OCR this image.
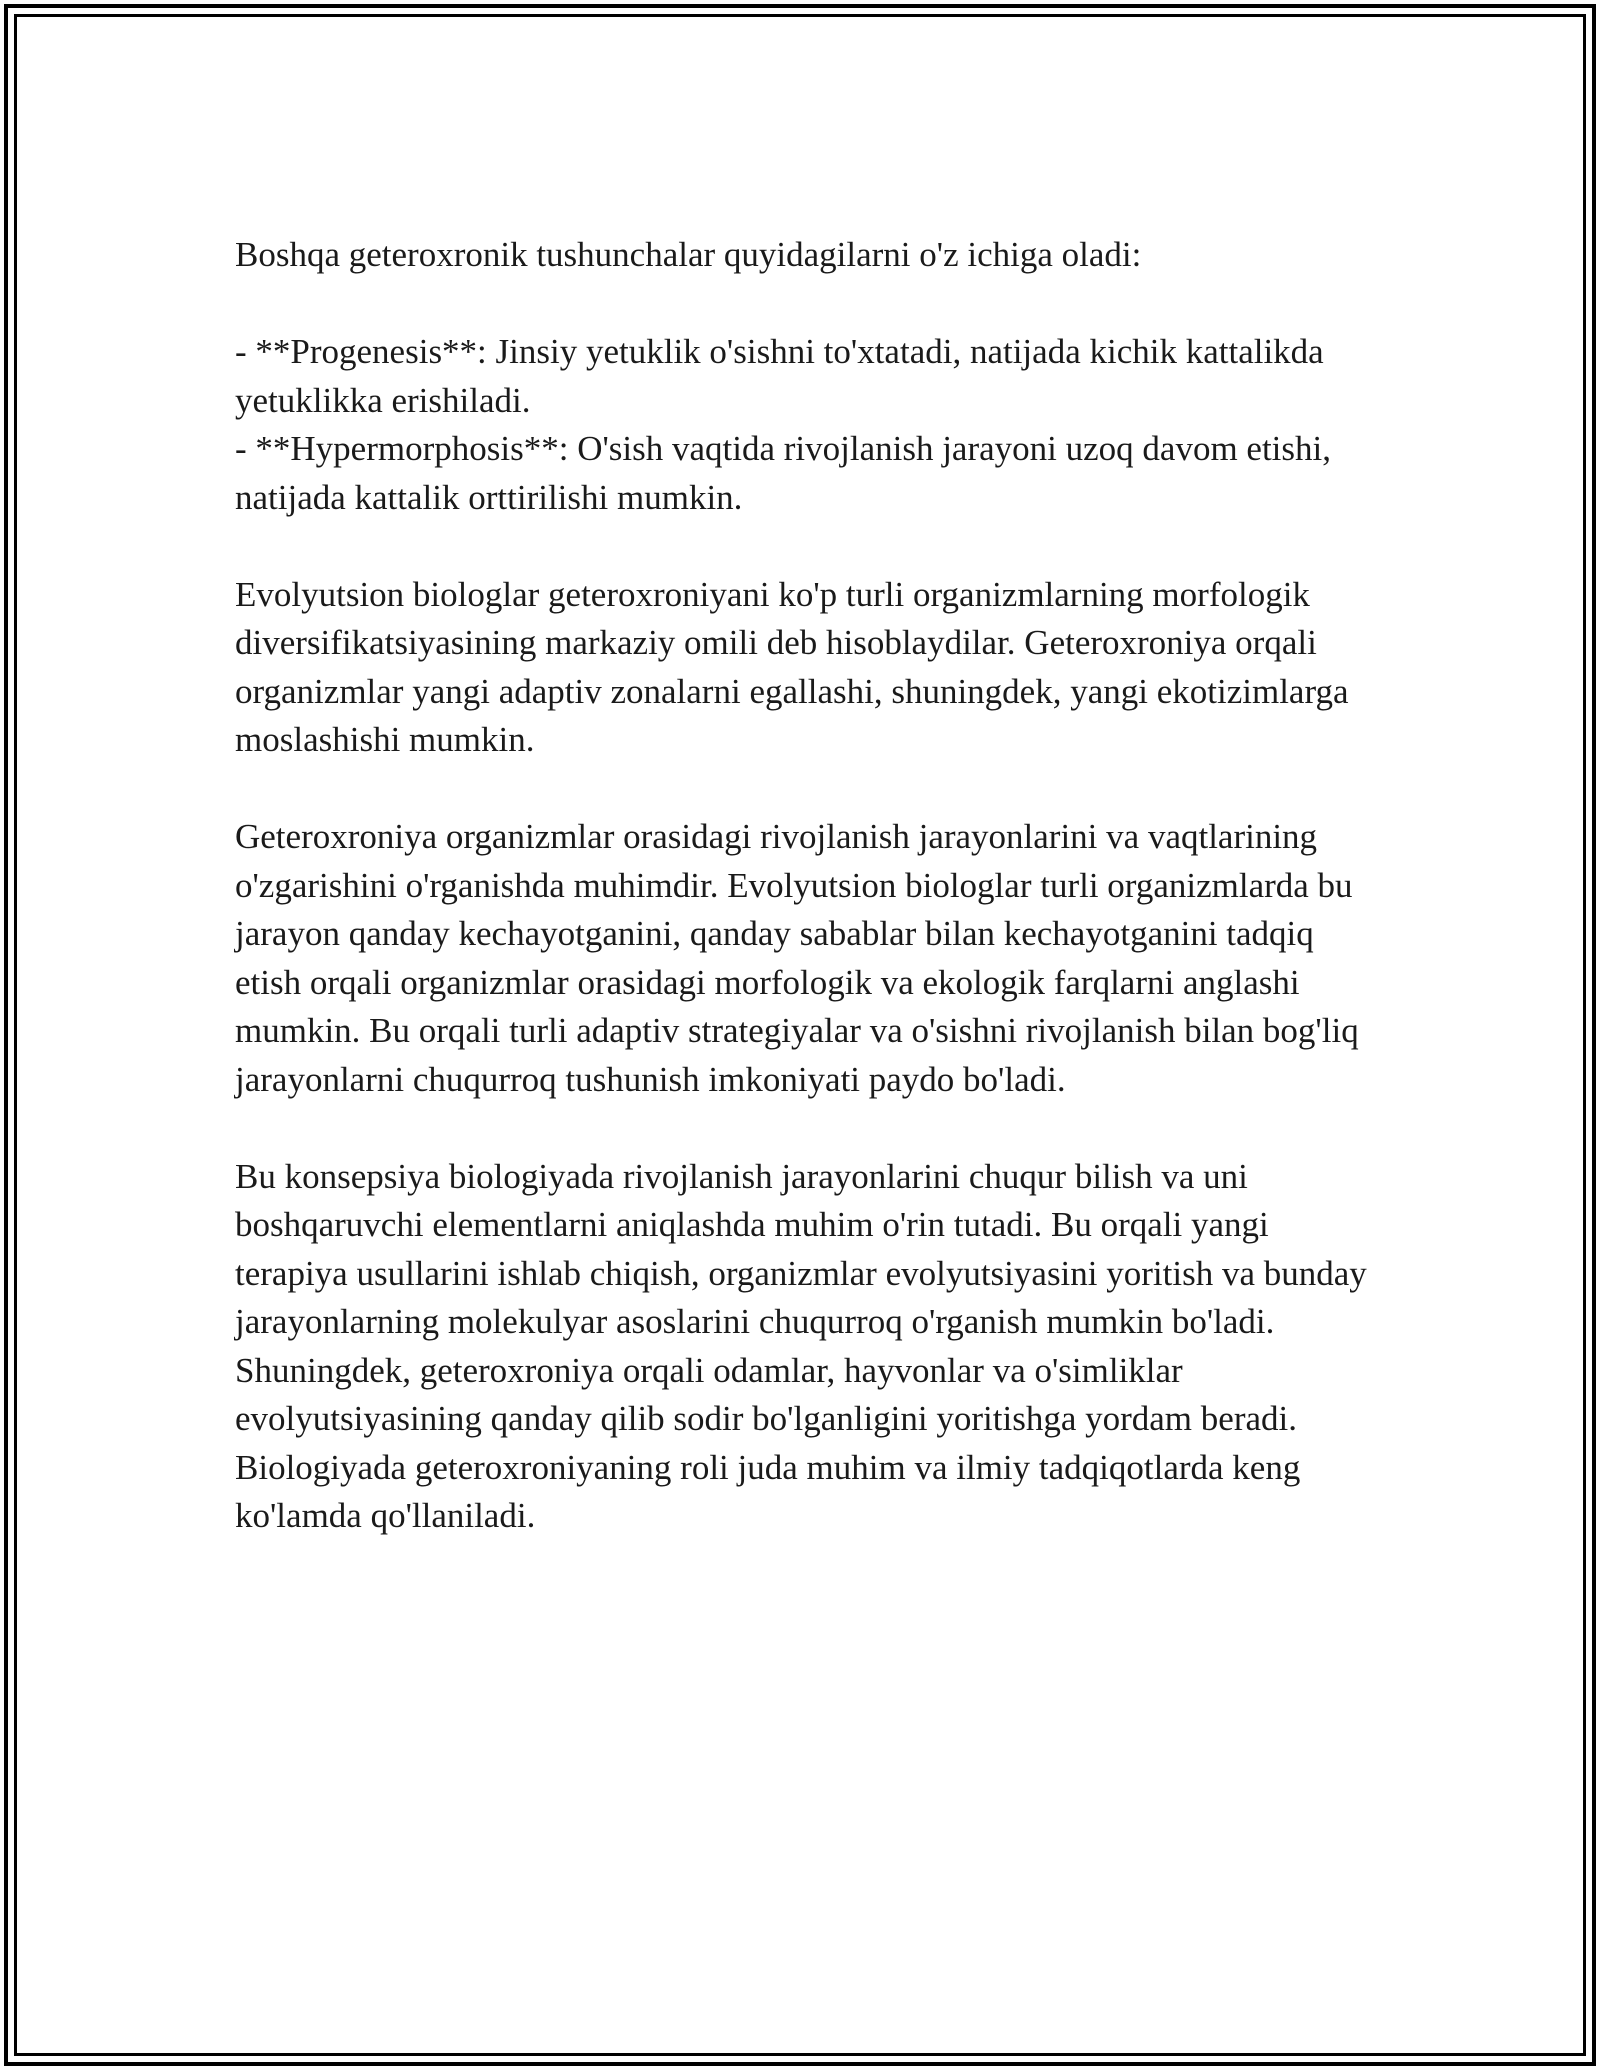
Boshqa geteroxronik tushunchalar quyidagilarni o'z ichiga oladi:

- **Progenesis**: Jinsiy yetuklik o'sishni to'xtatadi, natijada kichik kattalikda yetuklikka erishiladi.

- **Hypermorphosis**: O'sish vaqtida rivojlanish jarayoni uzoq davom etishi, natijada kattalik orttirilishi mumkin.

Evolyutsion biologlar geteroxroniyani ko'p turli organizmlarning morfologik diversifikatsiyasining markaziy omili deb hisoblaydilar. Geteroxroniya orqali organizmlar yangi adaptiv zonalarni egallashi, shuningdek, yangi ekotizimlarga moslashishi mumkin.

Geteroxroniya organizmlar orasidagi rivojlanish jarayonlarini va vaqtlarining o'zgarishini o'rganishda muhimdir. Evolyutsion biologlar turli organizmlarda bu jarayon qanday kechayotganini, qanday sabablar bilan kechayotganini tadqiq etish orqali organizmlar orasidagi morfologik va ekologik farqlarni anglashi mumkin. Bu orqali turli adaptiv strategiyalar va o'sishni rivojlanish bilan bog'liq jarayonlarni chuqurroq tushunish imkoniyati paydo bo'ladi.

Bu konsepsiya biologiyada rivojlanish jarayonlarini chuqur bilish va uni boshqaruvchi elementlarni aniqlashda muhim o'rin tutadi. Bu orqali yangi terapiya usullarini ishlab chiqish, organizmlar evolyutsiyasini yoritish va bunday jarayonlarning molekulyar asoslarini chuqurroq o'rganish mumkin bo'ladi. Shuningdek, geteroxroniya orqali odamlar, hayvonlar va o'simliklar evolyutsiyasining qanday qilib sodir bo'lganligini yoritishga yordam beradi. Biologiyada geteroxroniyaning roli juda muhim va ilmiy tadqiqotlarda keng ko'lamda qo'llaniladi.
